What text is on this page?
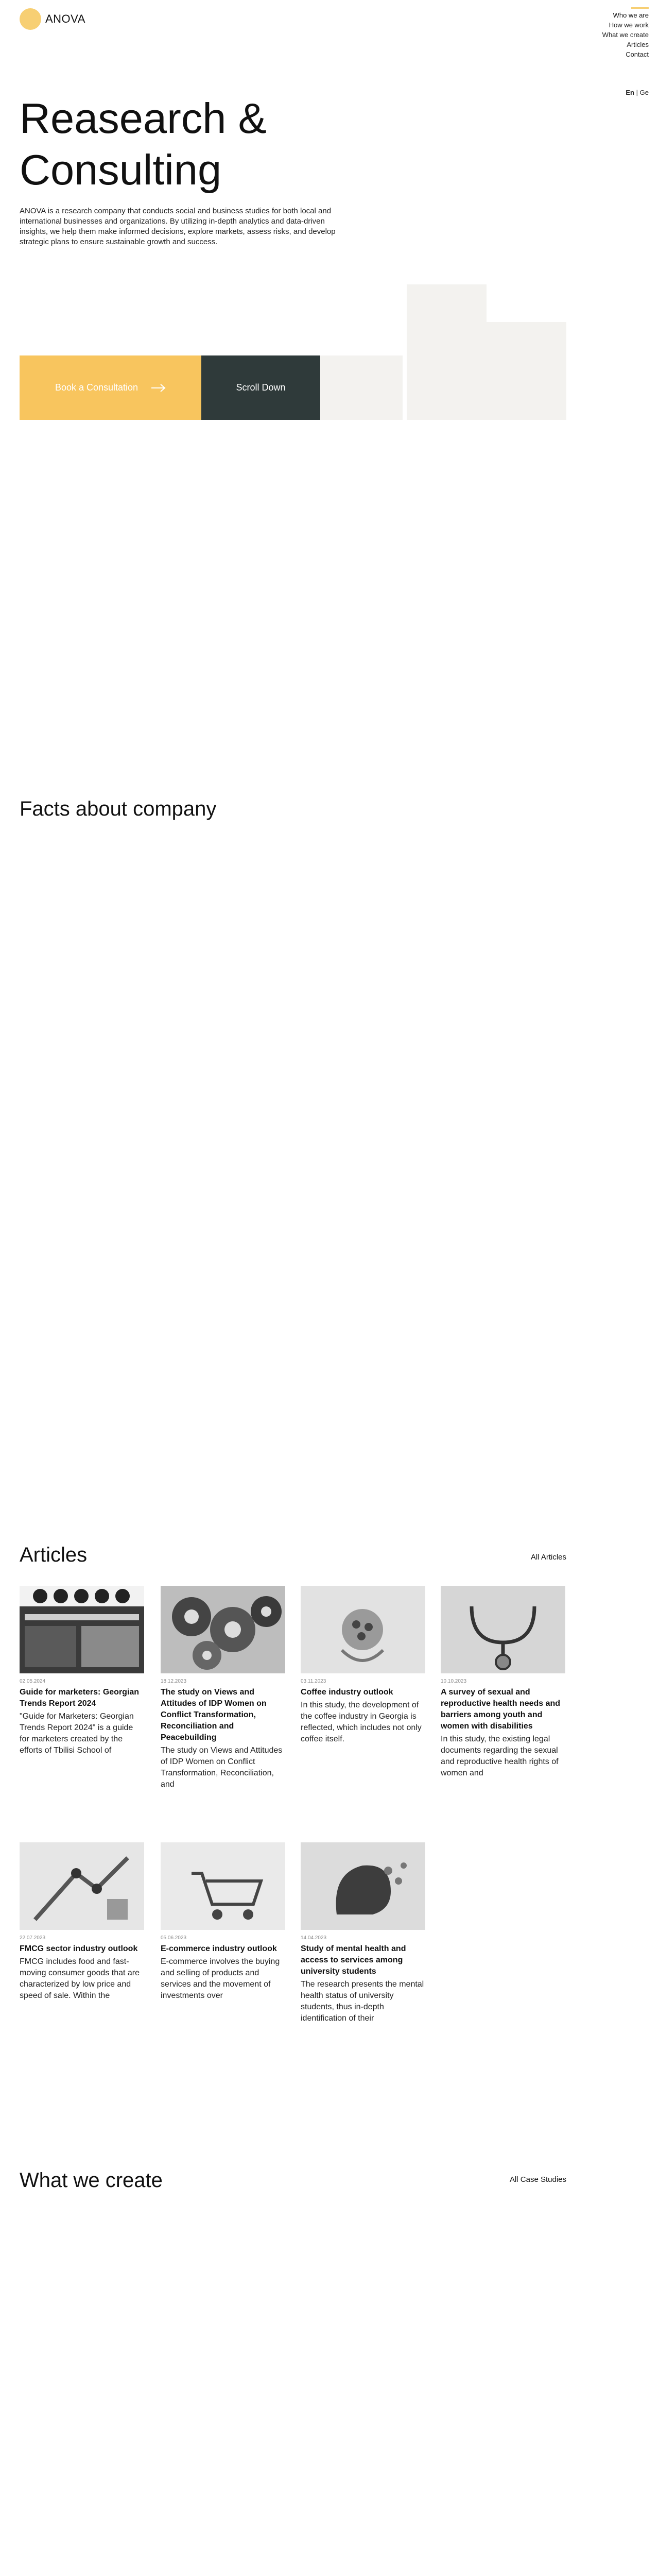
ANOVA	Who we are
How we work
What we create
Articles
Contact
En | Ge
Reasearch & Consulting

ANOVA is a research company that conducts social and business studies for both local and international businesses and organizations. By utilizing in-depth analytics and data-driven insights, we help them make informed decisions, explore markets, assess risks, and develop strategic plans to ensure sustainable growth and success.

Book a Consultation	Scroll Down
Facts about company
Articles	All Articles
02.05.2024
Guide for marketers: Georgian Trends Report 2024
"Guide for Marketers: Georgian Trends Report 2024" is a guide for marketers created by the efforts of Tbilisi School of
18.12.2023
The study on Views and Attitudes of IDP Women on Conflict Transformation, Reconciliation and Peacebuilding
The study on Views and Attitudes of IDP Women on Conflict Transformation, Reconciliation, and
03.11.2023
Coffee industry outlook
In this study, the development of the coffee industry in Georgia is reflected, which includes not only coffee itself.
10.10.2023
A survey of sexual and reproductive health needs and barriers among youth and women with disabilities
In this study, the existing legal documents regarding the sexual and reproductive health rights of women and
22.07.2023
FMCG sector industry outlook
FMCG includes food and fast-moving consumer goods that are characterized by low price and speed of sale. Within the
05.06.2023
E-commerce industry outlook
E-commerce involves the buying and selling of products and services and the movement of investments over
14.04.2023
Study of mental health and access to services among university students
The research presents the mental health status of university students, thus in-depth identification of their
What we create	All Case Studies
